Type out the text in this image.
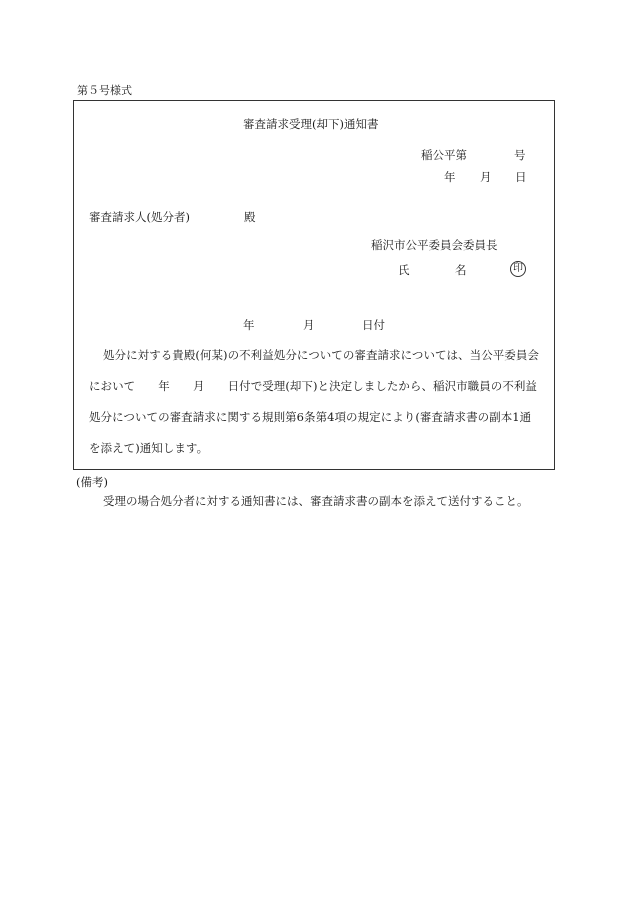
第５号様式
審査請求受理(却下)通知書
稲公平第	号
年 月 日
審査請求人(処分者)	殿
稲沢市公平委員会委員長
氏	名	印
年	月	日付
処分に対する貴殿(何某)の不利益処分についての審査請求については、当公平委員会
において　　年　　月　　日付で受理(却下)と決定しましたから、稲沢市職員の不利益
処分についての審査請求に関する規則第6条第4項の規定により(審査請求書の副本1通
を添えて)通知します。
(備考)
受理の場合処分者に対する通知書には、審査請求書の副本を添えて送付すること。
